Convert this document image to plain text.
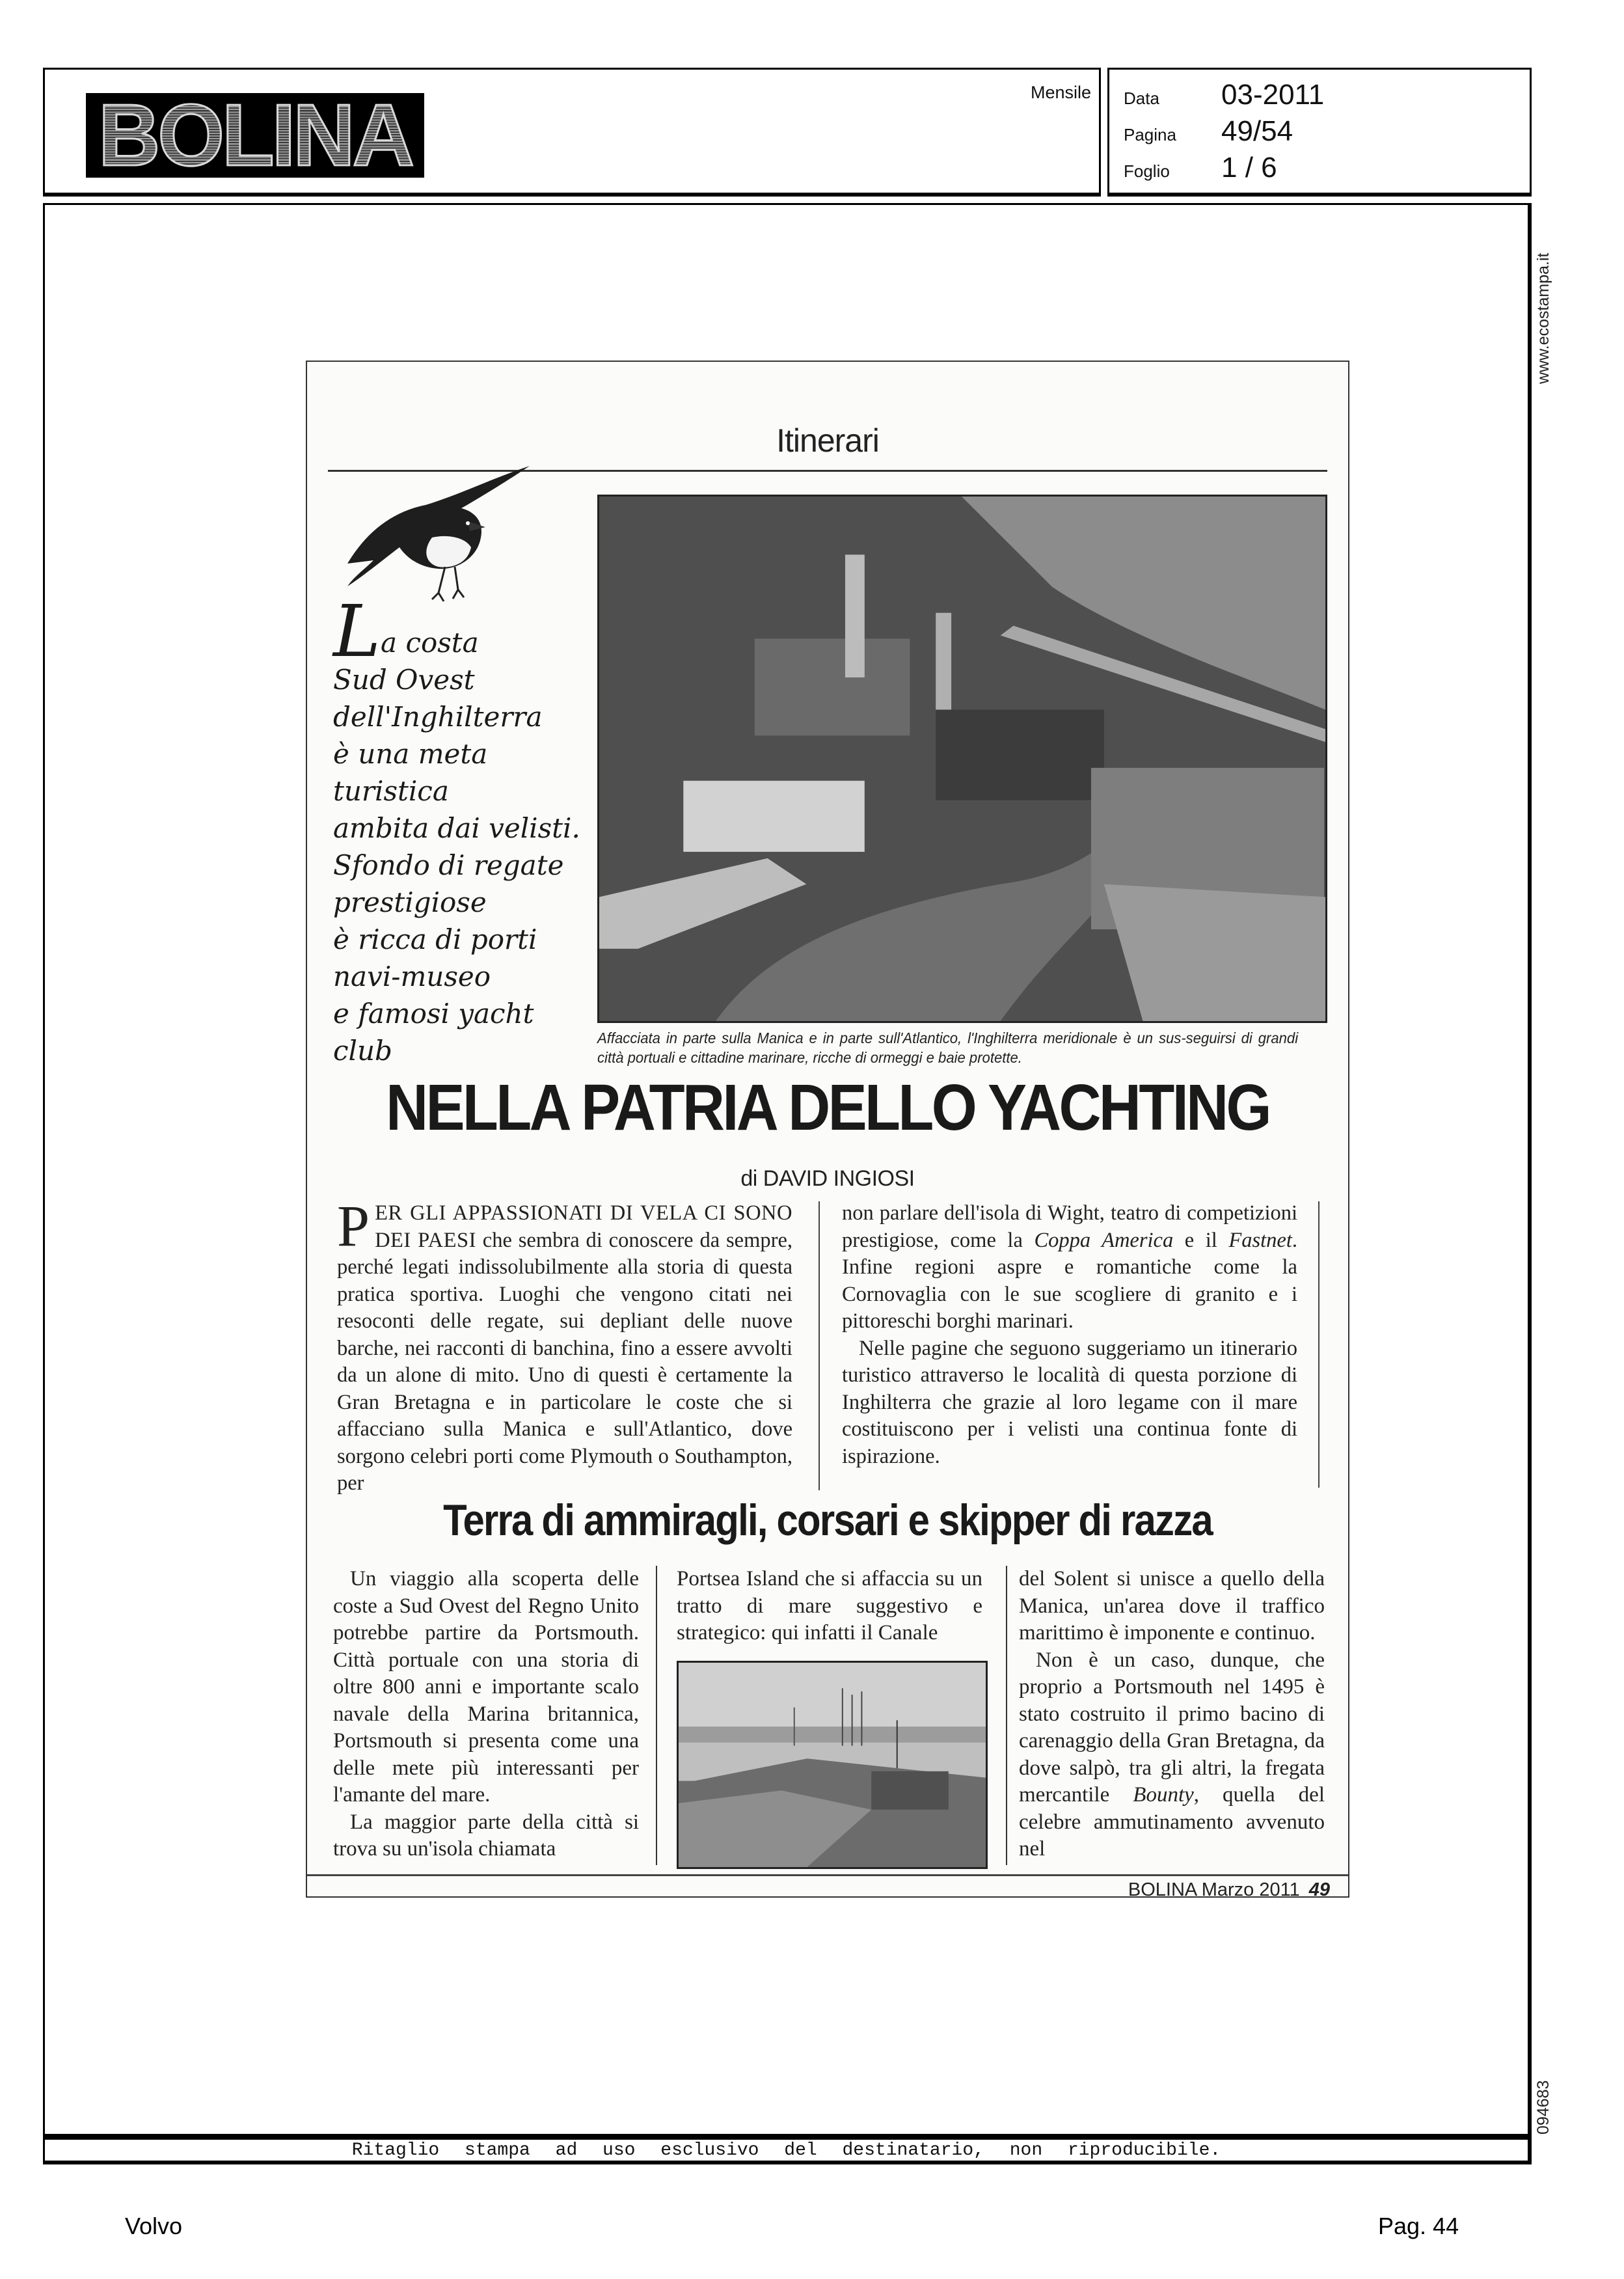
BOLINA	Mensile Data	03-2011
Pagina	49/54
Foglio	1 / 6
www.ecostampa.it
094683
Ritaglio stampa ad uso esclusivo del destinatario, non riproducibile.
Volvo	Pag. 44
Itinerari
La costa
Sud Ovest
dell'Inghilterra
è una meta turistica
ambita dai velisti.
Sfondo di regate
prestigiose
è ricca di porti
navi-museo
e famosi yacht club	Affacciata in parte sulla Manica e in parte sull'Atlantico, l'Inghilterra meridionale è un sus-seguirsi di grandi città portuali e cittadine marinare, ricche di ormeggi e baie protette.
NELLA PATRIA DELLO YACHTING
di DAVID INGIOSI
PER GLI APPASSIONATI DI VELA CI SONO DEI PAESI che sembra di conoscere da sempre, perché legati indissolubilmente alla storia di questa pratica sportiva. Luoghi che vengono citati nei resoconti delle regate, sui depliant delle nuove barche, nei racconti di banchina, fino a essere avvolti da un alone di mito. Uno di questi è certamente la Gran Bretagna e in particolare le coste che si affacciano sulla Manica e sull'Atlantico, dove sorgono celebri porti come Plymouth o Southampton, per

non parlare dell'isola di Wight, teatro di competizioni prestigiose, come la Coppa America e il Fastnet. Infine regioni aspre e romantiche come la Cornovaglia con le sue scogliere di granito e i pittoreschi borghi marinari.

Nelle pagine che seguono suggeriamo un itinerario turistico attraverso le località di questa porzione di Inghilterra che grazie al loro legame con il mare costituiscono per i velisti una continua fonte di ispirazione.

Terra di ammiragli, corsari e skipper di razza

Un viaggio alla scoperta delle coste a Sud Ovest del Regno Unito potrebbe partire da Portsmouth. Città portuale con una storia di oltre 800 anni e importante scalo navale della Marina britannica, Portsmouth si presenta come una delle mete più interessanti per l'amante del mare.

La maggior parte della città si trova su un'isola chiamata

Portsea Island che si affaccia su un tratto di mare suggestivo e strategico: qui infatti il Canale

del Solent si unisce a quello della Manica, un'area dove il traffico marittimo è imponente e continuo.

Non è un caso, dunque, che proprio a Portsmouth nel 1495 è stato costruito il primo bacino di carenaggio della Gran Bretagna, da dove salpò, tra gli altri, la fregata mercantile Bounty, quella del celebre ammutinamento avvenuto nel

BOLINA Marzo 2011 49
